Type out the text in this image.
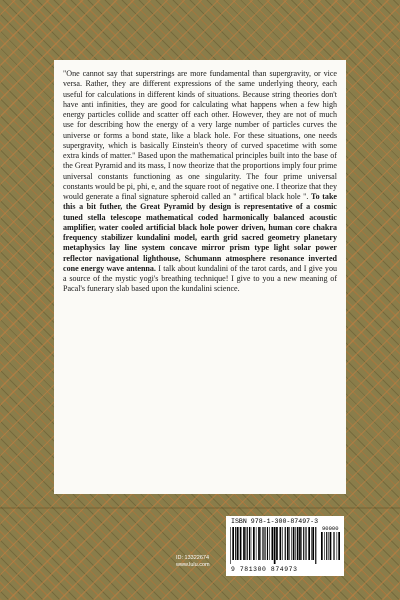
"One cannot say that superstrings are more fundamental than supergravity, or vice versa. Rather, they are different expressions of the same underlying theory, each useful for calculations in different kinds of situations. Because string theories don't have anti infinities, they are good for calculating what happens when a few high energy particles collide and scatter off each other. However, they are not of much use for describing how the energy of a very large number of particles curves the universe or forms a bond state, like a black hole. For these situations, one needs supergravity, which is basically Einstein's theory of curved spacetime with some extra kinds of matter." Based upon the mathematical principles built into the base of the Great Pyramid and its mass, I now theorize that the proportions imply four prime universal constants functioning as one singularity. The four prime universal constants would be pi, phi, e, and the square root of negative one. I theorize that they would generate a final signature spheroid called an " artifical black hole ". To take this a bit futher, the Great Pyramid by design is representative of a cosmic tuned stella telescope mathematical coded harmonically balanced acoustic amplifier, water cooled artificial black hole power driven, human core chakra frequency stabilizer kundalini model, earth grid sacred geometry planetary metaphysics lay line system concave mirror prism type light solar power reflector navigational lighthouse, Schumann atmosphere resonance inverted cone energy wave antenna. I talk about kundalini of the tarot cards, and I give you a source of the mystic yogi's breathing technique! I give to you a new meaning of Pacal's funerary slab based upon the kundalini science.

ID: 13322674
www.lulu.com
ISBN 978-1-300-87497-3
90000
9 781300 874973
